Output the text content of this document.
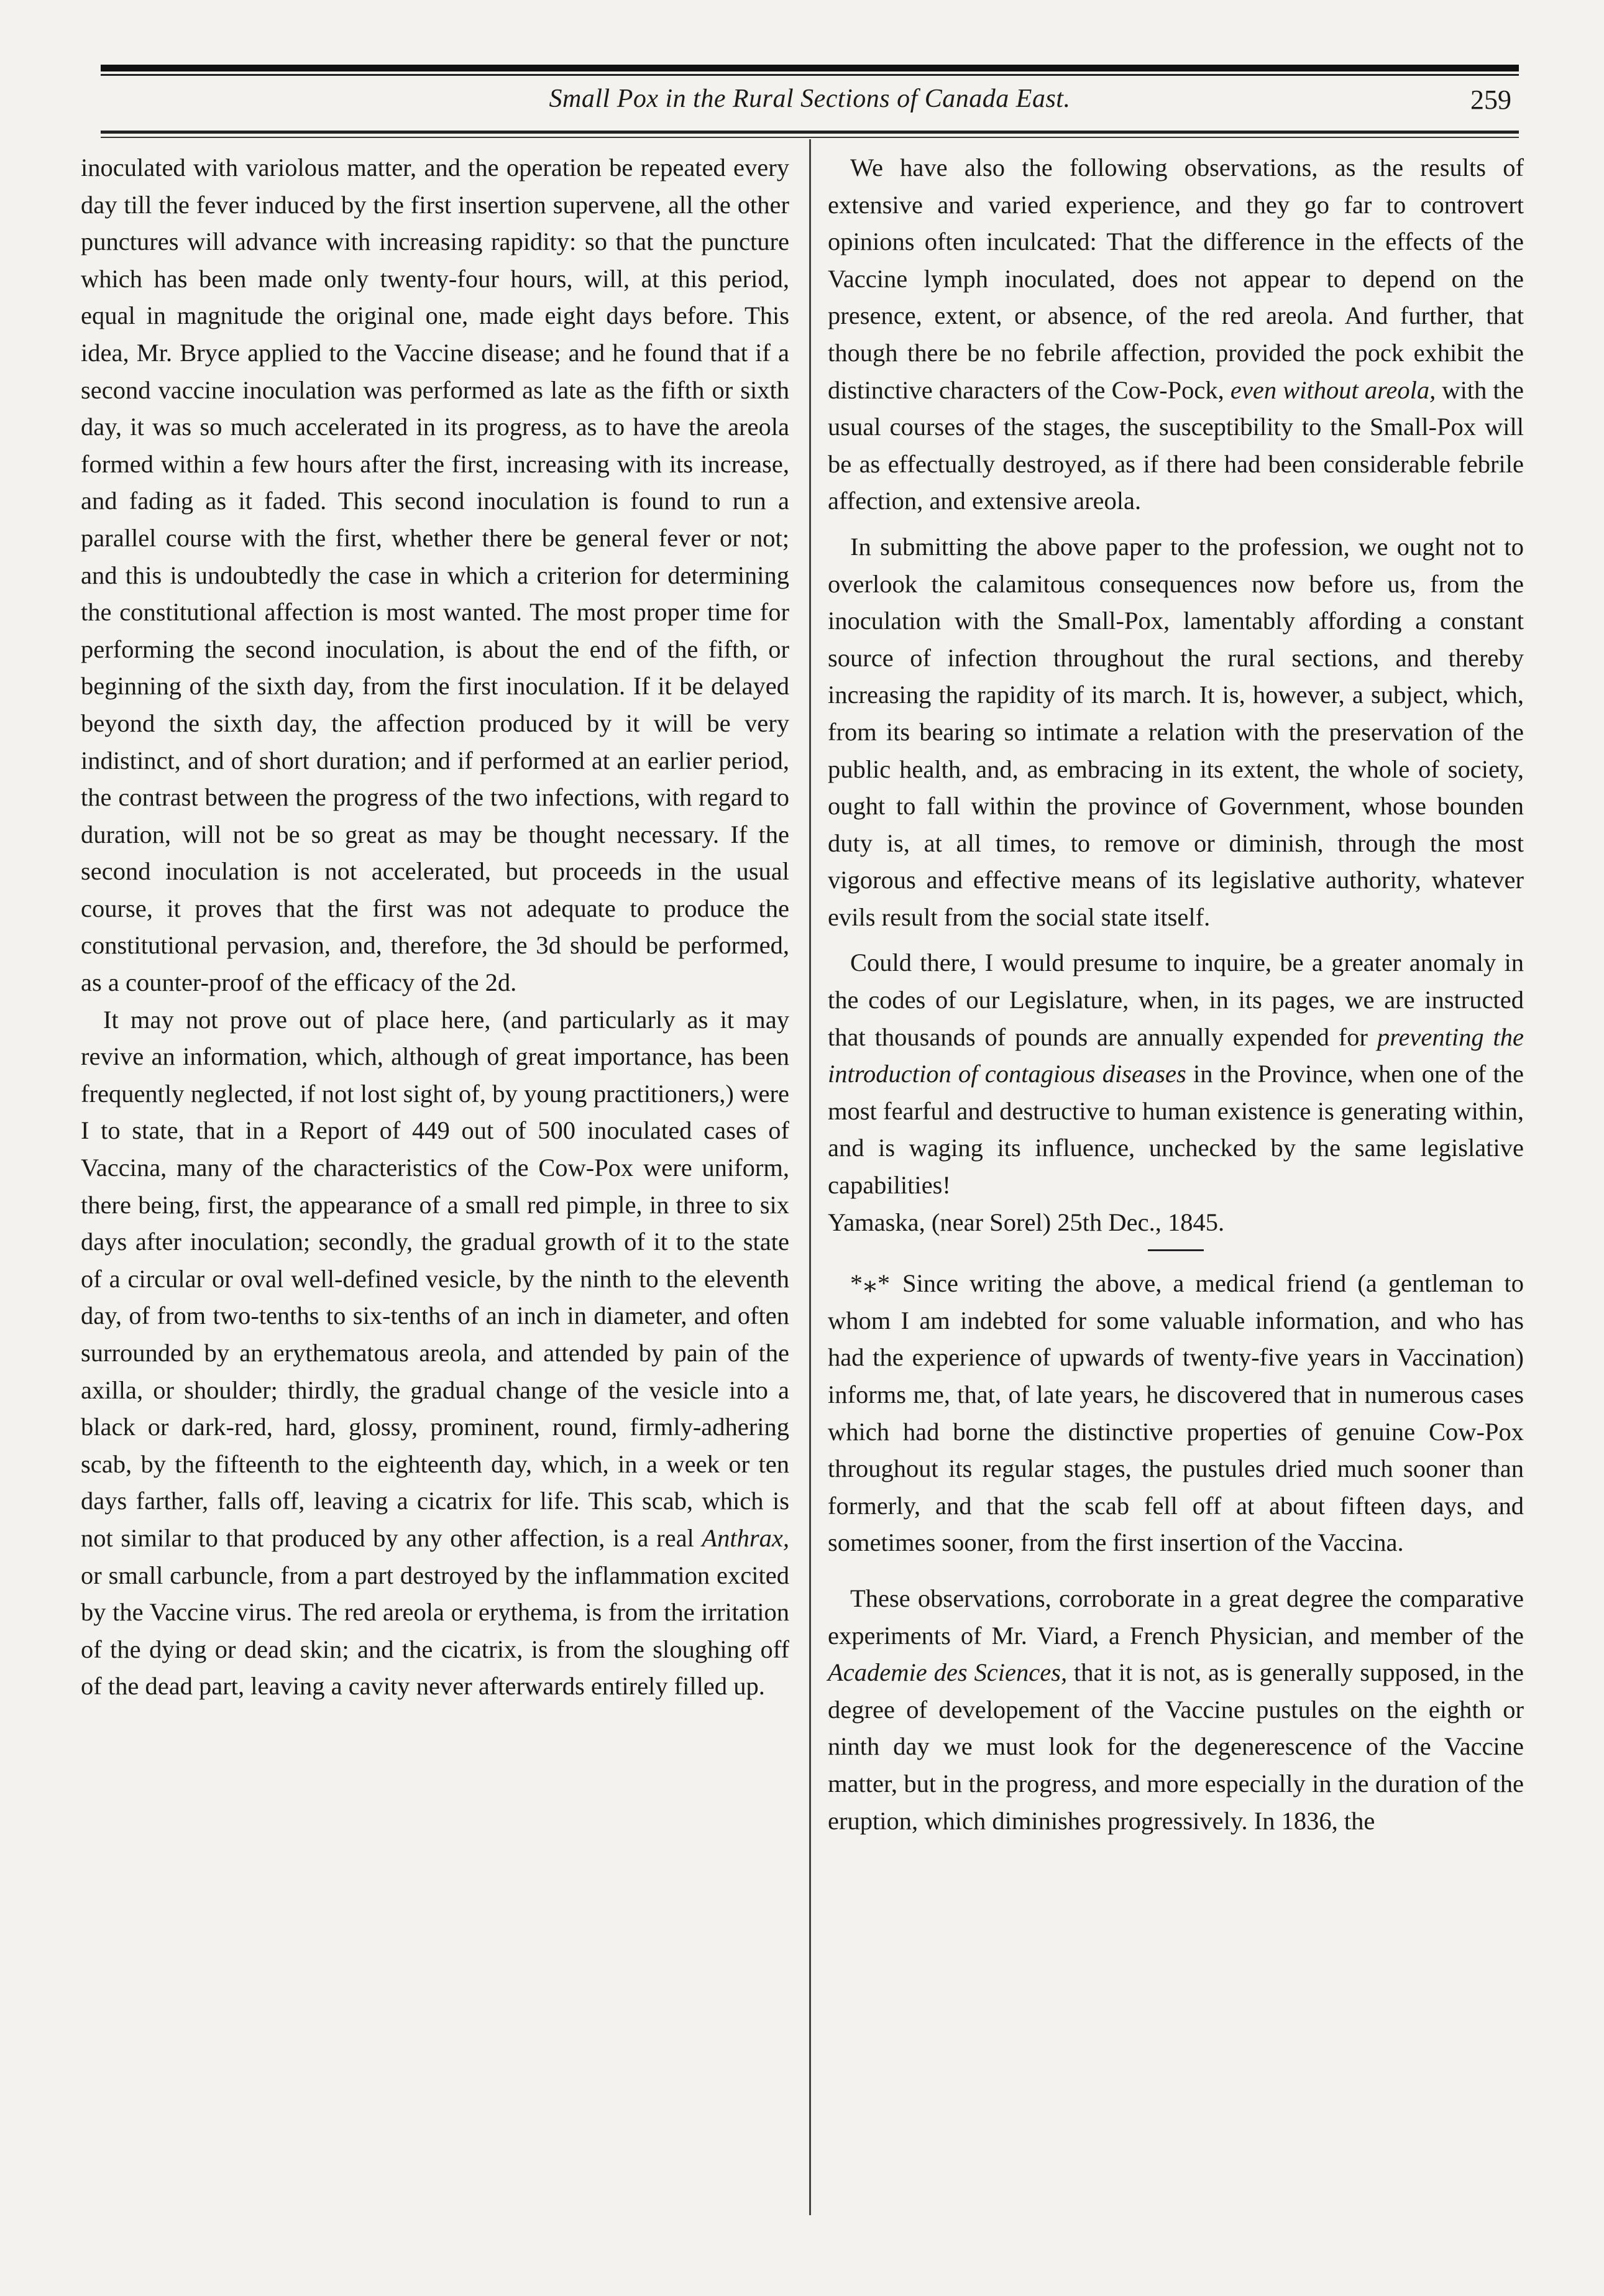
Small Pox in the Rural Sections of Canada East.	259

inoculated with variolous matter, and the operation be repeated every day till the fever induced by the first insertion supervene, all the other punctures will advance with increasing rapidity: so that the puncture which has been made only twenty-four hours, will, at this period, equal in magnitude the original one, made eight days before. This idea, Mr. Bryce applied to the Vaccine disease; and he found that if a second vaccine inoculation was performed as late as the fifth or sixth day, it was so much accelerated in its progress, as to have the areola formed within a few hours after the first, increasing with its increase, and fading as it faded. This second inoculation is found to run a parallel course with the first, whether there be general fever or not; and this is undoubtedly the case in which a criterion for determining the constitutional affection is most wanted. The most proper time for performing the second inoculation, is about the end of the fifth, or beginning of the sixth day, from the first inoculation. If it be delayed beyond the sixth day, the affection produced by it will be very indistinct, and of short duration; and if performed at an earlier period, the contrast between the progress of the two infections, with regard to duration, will not be so great as may be thought necessary. If the second inoculation is not accelerated, but proceeds in the usual course, it proves that the first was not adequate to produce the constitutional pervasion, and, therefore, the 3d should be performed, as a counter-proof of the efficacy of the 2d.

It may not prove out of place here, (and particularly as it may revive an information, which, although of great importance, has been frequently neglected, if not lost sight of, by young practitioners,) were I to state, that in a Report of 449 out of 500 inoculated cases of Vaccina, many of the characteristics of the Cow-Pox were uniform, there being, first, the appearance of a small red pimple, in three to six days after inoculation; secondly, the gradual growth of it to the state of a circular or oval well-defined vesicle, by the ninth to the eleventh day, of from two-tenths to six-tenths of an inch in diameter, and often surrounded by an erythematous areola, and attended by pain of the axilla, or shoulder; thirdly, the gradual change of the vesicle into a black or dark-red, hard, glossy, prominent, round, firmly-adhering scab, by the fifteenth to the eighteenth day, which, in a week or ten days farther, falls off, leaving a cicatrix for life. This scab, which is not similar to that produced by any other affection, is a real Anthrax, or small carbuncle, from a part destroyed by the inflammation excited by the Vaccine virus. The red areola or erythema, is from the irritation of the dying or dead skin; and the cicatrix, is from the sloughing off of the dead part, leaving a cavity never afterwards entirely filled up.

We have also the following observations, as the results of extensive and varied experience, and they go far to controvert opinions often inculcated: That the difference in the effects of the Vaccine lymph inoculated, does not appear to depend on the presence, extent, or absence, of the red areola. And further, that though there be no febrile affection, provided the pock exhibit the distinctive characters of the Cow-Pock, even without areola, with the usual courses of the stages, the susceptibility to the Small-Pox will be as effectually destroyed, as if there had been considerable febrile affection, and extensive areola.

In submitting the above paper to the profession, we ought not to overlook the calamitous consequences now before us, from the inoculation with the Small-Pox, lamentably affording a constant source of infection throughout the rural sections, and thereby increasing the rapidity of its march. It is, however, a subject, which, from its bearing so intimate a relation with the preservation of the public health, and, as embracing in its extent, the whole of society, ought to fall within the province of Government, whose bounden duty is, at all times, to remove or diminish, through the most vigorous and effective means of its legislative authority, whatever evils result from the social state itself.

Could there, I would presume to inquire, be a greater anomaly in the codes of our Legislature, when, in its pages, we are instructed that thousands of pounds are annually expended for preventing the introduction of contagious diseases in the Province, when one of the most fearful and destructive to human existence is generating within, and is waging its influence, unchecked by the same legislative capabilities!

Yamaska, (near Sorel) 25th Dec., 1845.

*⁎* Since writing the above, a medical friend (a gentleman to whom I am indebted for some valuable information, and who has had the experience of upwards of twenty-five years in Vaccination) informs me, that, of late years, he discovered that in numerous cases which had borne the distinctive properties of genuine Cow-Pox throughout its regular stages, the pustules dried much sooner than formerly, and that the scab fell off at about fifteen days, and sometimes sooner, from the first insertion of the Vaccina.

These observations, corroborate in a great degree the comparative experiments of Mr. Viard, a French Physician, and member of the Academie des Sciences, that it is not, as is generally supposed, in the degree of developement of the Vaccine pustules on the eighth or ninth day we must look for the degenerescence of the Vaccine matter, but in the progress, and more especially in the duration of the eruption, which diminishes progressively. In 1836, the
